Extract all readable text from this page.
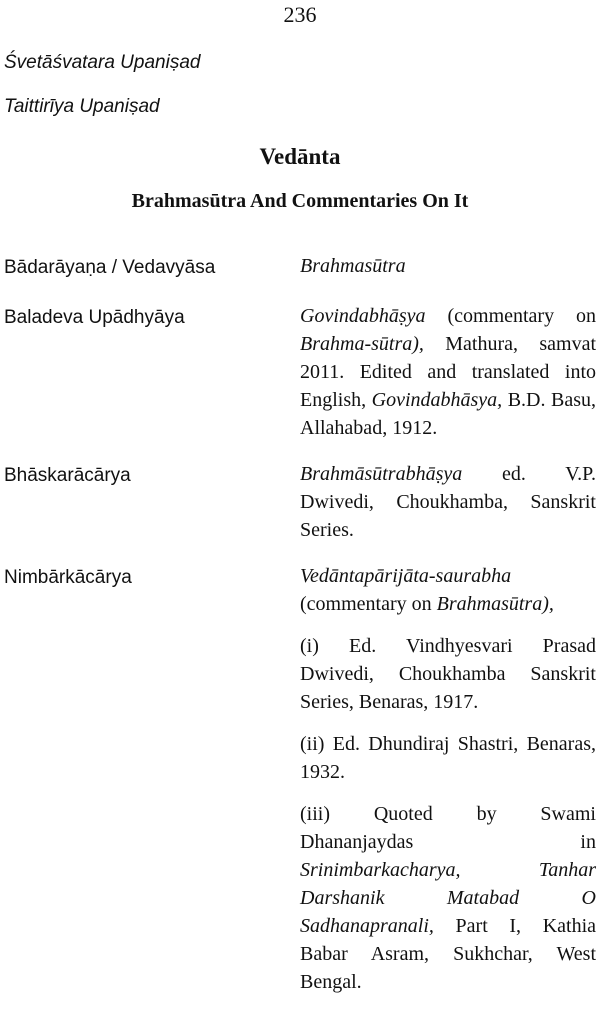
236
Śvetāśvatara Upaniṣad
Taittirīya Upaniṣad
Vedānta
Brahmasūtra And Commentaries On It
Bādarāyaṇa / Vedavyāsa	Brahmasūtra
Baladeva Upādhyāya	Govindabhāṣya (commentary on Brahma-sūtra), Mathura, samvat 2011. Edited and translated into English, Govindabhāsya, B.D. Basu, Allahabad, 1912.
Bhāskarācārya	Brahmāsūtrabhāṣya ed. V.P. Dwivedi, Choukhamba, Sanskrit Series.
Nimbārkācārya	Vedāntapārijāta-saurabha (commentary on Brahmasūtra),
(i) Ed. Vindhyesvari Prasad Dwivedi, Choukhamba Sanskrit Series, Benaras, 1917.
(ii) Ed. Dhundiraj Shastri, Benaras, 1932.
(iii) Quoted by Swami Dhananjaydas in Srinimbarkacharya, Tanhar Darshanik Matabad O Sadhanapranali, Part I, Kathia Babar Asram, Sukhchar, West Bengal.
